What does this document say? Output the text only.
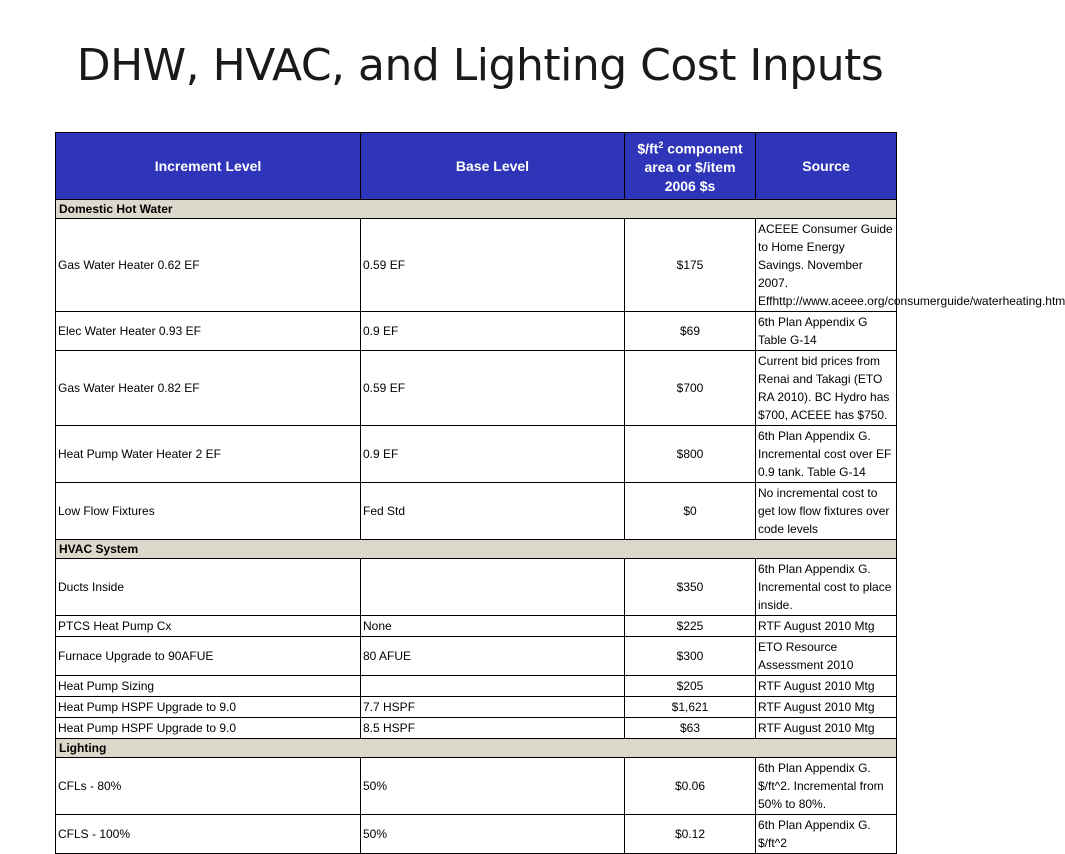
DHW, HVAC, and Lighting Cost Inputs
Increment Level	Base Level	$\$/ft^2$ component area or $/item 2006 $s	Source
Domestic Hot Water			
Gas Water Heater 0.62 EF	0.59 EF	$175	ACEEE Consumer Guide to Home Energy Savings. November 2007. Effhttp://www.aceee.org/consumerguide/waterheating.htm
Elec Water Heater 0.93 EF	0.9 EF	$69	6th Plan Appendix G Table G-14
Gas Water Heater 0.82 EF	0.59 EF	$700	Current bid prices from Renai and Takagi (ETO RA 2010). BC Hydro has $700, ACEEE has $750.
Heat Pump Water Heater 2 EF	0.9 EF	$800	6th Plan Appendix G. Incremental cost over EF 0.9 tank. Table G-14
Low Flow Fixtures	Fed Std	$0	No incremental cost to get low flow fixtures over code levels
HVAC System			
Ducts Inside		$350	6th Plan Appendix G. Incremental cost to place inside.
PTCS Heat Pump Cx	None	$225	RTF August 2010 Mtg
Furnace Upgrade to 90AFUE	80 AFUE	$300	ETO Resource Assessment 2010
Heat Pump Sizing		$205	RTF August 2010 Mtg
Heat Pump HSPF Upgrade to 9.0	7.7 HSPF	$1,621	RTF August 2010 Mtg
Heat Pump HSPF Upgrade to 9.0	8.5 HSPF	$63	RTF August 2010 Mtg
Lighting			
CFLs - 80%	50%	$0.06	6th Plan Appendix G. $/ft^2. Incremental from 50% to 80%.
CFLS - 100%	50%	$0.12	6th Plan Appendix G. $/ft^2
